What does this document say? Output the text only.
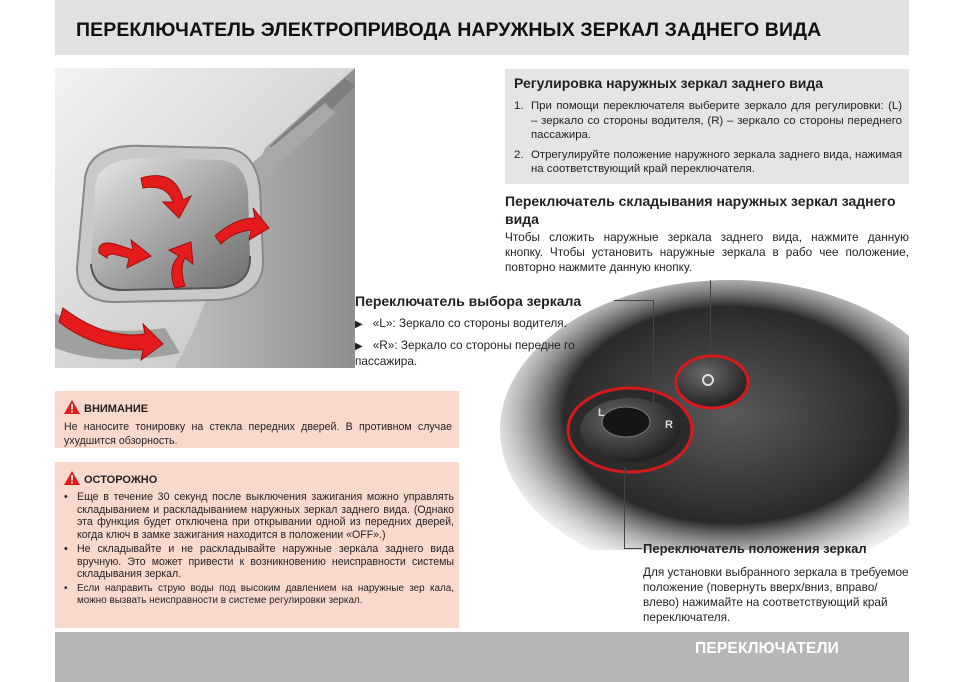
ПЕРЕКЛЮЧАТЕЛЬ ЭЛЕКТРОПРИВОДА НАРУЖНЫХ ЗЕРКАЛ ЗАДНЕГО ВИДА
L
R
Регулировка наружных зеркал заднего вида
1. При помощи переключателя выберите зеркало для регулировки: (L) – зеркало со стороны водителя, (R) – зеркало со стороны переднего пассажира.
2. Отрегулируйте положение наружного зеркала заднего вида, нажимая на соответствующий край переключателя.
Переключатель складывания наружных зеркал заднего вида

Чтобы сложить наружные зеркала заднего вида, нажмите данную кнопку. Чтобы установить наружные зеркала в рабо чее положение, повторно нажмите данную кнопку.

Переключатель выбора зеркала
▶ «L»: Зеркало со стороны водителя.
▶ «R»: Зеркало со стороны передне го пассажира.
Переключатель положения зеркал

Для установки выбранного зеркала в требуемое положение (повернуть вверх/вниз, вправо/влево) нажимайте на соответствующий край переключателя.

ВНИМАНИЕ

Не наносите тонировку на стекла передних дверей. В противном случае ухудшится обзорность.

ОСТОРОЖНО
• Еще в течение 30 секунд после выключения зажигания можно управлять складыванием и раскладыванием наружных зеркал заднего вида. (Однако эта функция будет отключена при открывании одной из передних дверей, когда ключ в замке зажигания находится в положении «OFF».)
• Не складывайте и не раскладывайте наружные зеркала заднего вида вручную. Это может привести к возникновению неисправности системы складывания зеркал.
• Если направить струю воды под высоким давлением на наружные зер кала, можно вызвать неисправности в системе регулировки зеркал.
ПЕРЕКЛЮЧАТЕЛИ
